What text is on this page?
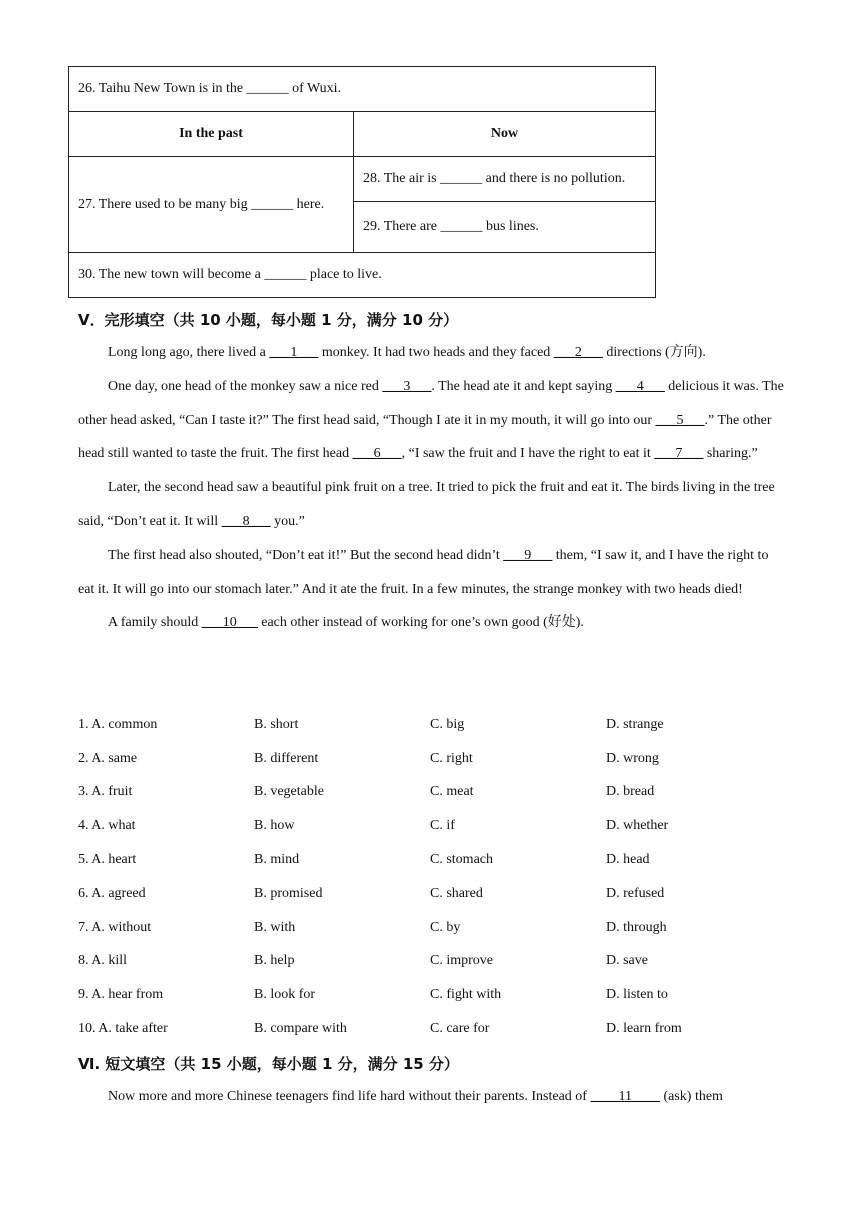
26. Taihu New Town is in the ______ of Wuxi.	
In the past	Now
27. There used to be many big ______ here.	28. The air is ______ and there is no pollution.
	29. There are ______ bus lines.
30. The new town will become a ______ place to live.	
V．完形填空（共 10 小题，每小题 1 分，满分 10 分）

Long long ago, there lived a ___1___ monkey. It had two heads and they faced ___2___ directions (方向).

One day, one head of the monkey saw a nice red ___3___. The head ate it and kept saying ___4___ delicious it was. The other head asked, “Can I taste it?” The first head said, “Though I ate it in my mouth, it will go into our ___5___.” The other head still wanted to taste the fruit. The first head ___6___, “I saw the fruit and I have the right to eat it ___7___ sharing.”

Later, the second head saw a beautiful pink fruit on a tree. It tried to pick the fruit and eat it. The birds living in the tree said, “Don’t eat it. It will ___8___ you.”

The first head also shouted, “Don’t eat it!” But the second head didn’t ___9___ them, “I saw it, and I have the right to eat it. It will go into our stomach later.” And it ate the fruit. In a few minutes, the strange monkey with two heads died!

A family should ___10___ each other instead of working for one’s own good (好处).

1. A. common	B. short	C. big	D. strange
2. A. same	B. different	C. right	D. wrong
3. A. fruit	B. vegetable	C. meat	D. bread
4. A. what	B. how	C. if	D. whether
5. A. heart	B. mind	C. stomach	D. head
6. A. agreed	B. promised	C. shared	D. refused
7. A. without	B. with	C. by	D. through
8. A. kill	B. help	C. improve	D. save
9. A. hear from	B. look for	C. fight with	D. listen to
10. A. take after	B. compare with	C. care for	D. learn from
Ⅵ. 短文填空（共 15 小题，每小题 1 分，满分 15 分）

Now more and more Chinese teenagers find life hard without their parents. Instead of ____11____ (ask) them
